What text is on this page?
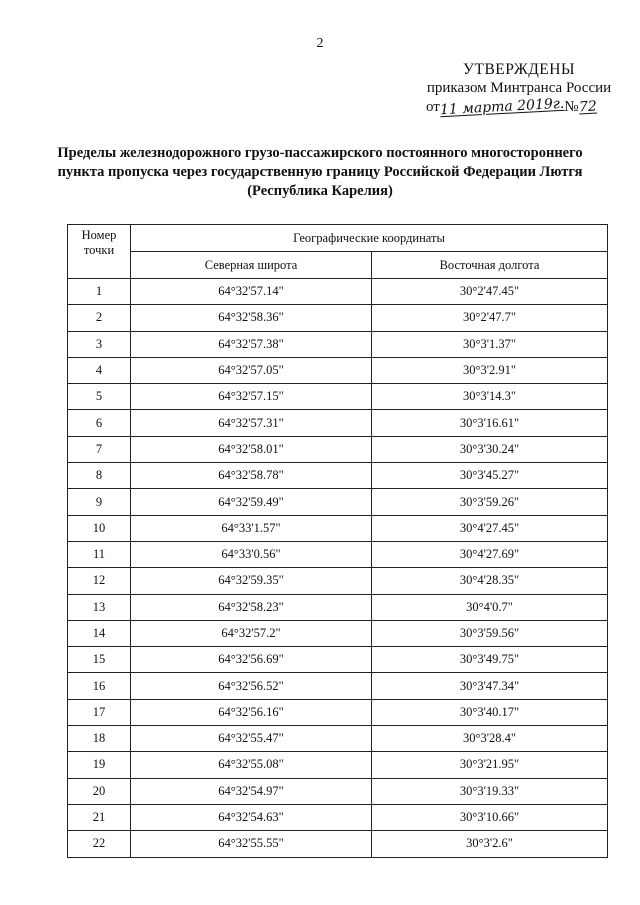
2
УТВЕРЖДЕНЫ
приказом Минтранса России
от11 марта 2019г.№72
Пределы железнодорожного грузо-пассажирского постоянного многостороннего пункта пропуска через государственную границу Российской Федерации Лютгя (Республика Карелия)
Номер точки	Географические координаты	
	Северная широта	Восточная долгота
1	64°32'57.14"	30°2'47.45"
2	64°32'58.36"	30°2'47.7"
3	64°32'57.38"	30°3'1.37"
4	64°32'57.05"	30°3'2.91"
5	64°32'57.15"	30°3'14.3"
6	64°32'57.31"	30°3'16.61"
7	64°32'58.01"	30°3'30.24"
8	64°32'58.78"	30°3'45.27"
9	64°32'59.49"	30°3'59.26"
10	64°33'1.57"	30°4'27.45"
11	64°33'0.56"	30°4'27.69"
12	64°32'59.35"	30°4'28.35"
13	64°32'58.23"	30°4'0.7"
14	64°32'57.2"	30°3'59.56"
15	64°32'56.69"	30°3'49.75"
16	64°32'56.52"	30°3'47.34"
17	64°32'56.16"	30°3'40.17"
18	64°32'55.47"	30°3'28.4"
19	64°32'55.08"	30°3'21.95"
20	64°32'54.97"	30°3'19.33"
21	64°32'54.63"	30°3'10.66"
22	64°32'55.55"	30°3'2.6"
